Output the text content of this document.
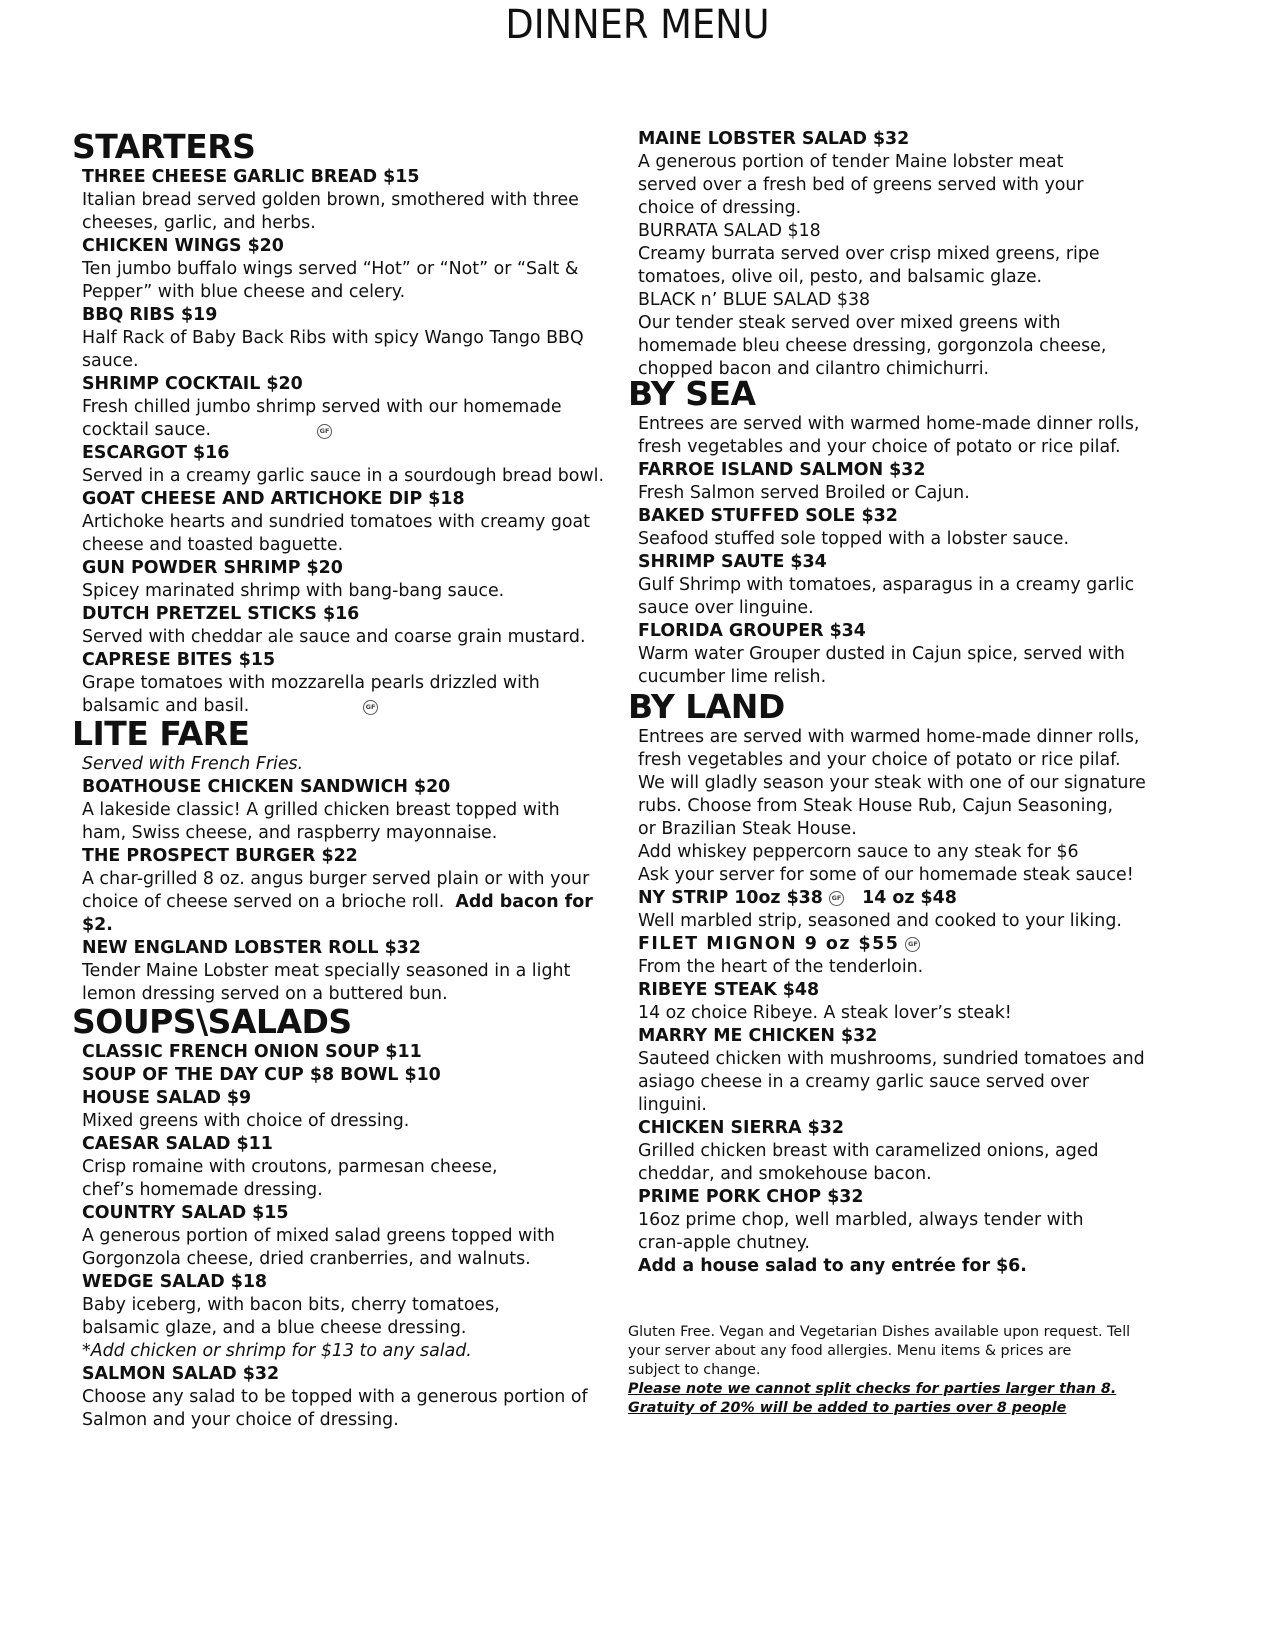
DINNER MENU
STARTERS
THREE CHEESE GARLIC BREAD $15
Italian bread served golden brown, smothered with three
cheeses, garlic, and herbs.
CHICKEN WINGS $20
Ten jumbo buffalo wings served “Hot” or “Not” or “Salt &
Pepper” with blue cheese and celery.
BBQ RIBS $19
Half Rack of Baby Back Ribs with spicy Wango Tango BBQ
sauce.
SHRIMP COCKTAIL $20
Fresh chilled jumbo shrimp served with our homemade
cocktail sauce.	GF
ESCARGOT $16
Served in a creamy garlic sauce in a sourdough bread bowl.
GOAT CHEESE AND ARTICHOKE DIP $18
Artichoke hearts and sundried tomatoes with creamy goat
cheese and toasted baguette.
GUN POWDER SHRIMP $20
Spicey marinated shrimp with bang-bang sauce.
DUTCH PRETZEL STICKS $16
Served with cheddar ale sauce and coarse grain mustard.
CAPRESE BITES $15
Grape tomatoes with mozzarella pearls drizzled with
balsamic and basil.	GF
LITE FARE
Served with French Fries.
BOATHOUSE CHICKEN SANDWICH $20
A lakeside classic! A grilled chicken breast topped with
ham, Swiss cheese, and raspberry mayonnaise.
THE PROSPECT BURGER $22
A char-grilled 8 oz. angus burger served plain or with your
choice of cheese served on a brioche roll. Add bacon for
$2.
NEW ENGLAND LOBSTER ROLL $32
Tender Maine Lobster meat specially seasoned in a light
lemon dressing served on a buttered bun.
SOUPS\SALADS
CLASSIC FRENCH ONION SOUP $11
SOUP OF THE DAY CUP $8 BOWL $10
HOUSE SALAD $9
Mixed greens with choice of dressing.
CAESAR SALAD $11
Crisp romaine with croutons, parmesan cheese,
chef’s homemade dressing.
COUNTRY SALAD $15
A generous portion of mixed salad greens topped with
Gorgonzola cheese, dried cranberries, and walnuts.
WEDGE SALAD $18
Baby iceberg, with bacon bits, cherry tomatoes,
balsamic glaze, and a blue cheese dressing.
*Add chicken or shrimp for $13 to any salad.
SALMON SALAD $32
Choose any salad to be topped with a generous portion of
Salmon and your choice of dressing.
MAINE LOBSTER SALAD $32
A generous portion of tender Maine lobster meat
served over a fresh bed of greens served with your
choice of dressing.
BURRATA SALAD $18
Creamy burrata served over crisp mixed greens, ripe
tomatoes, olive oil, pesto, and balsamic glaze.
BLACK n’ BLUE SALAD $38
Our tender steak served over mixed greens with
homemade bleu cheese dressing, gorgonzola cheese,
chopped bacon and cilantro chimichurri.
BY SEA
Entrees are served with warmed home-made dinner rolls,
fresh vegetables and your choice of potato or rice pilaf.
FARROE ISLAND SALMON $32
Fresh Salmon served Broiled or Cajun.
BAKED STUFFED SOLE $32
Seafood stuffed sole topped with a lobster sauce.
SHRIMP SAUTE $34
Gulf Shrimp with tomatoes, asparagus in a creamy garlic
sauce over linguine.
FLORIDA GROUPER $34
Warm water Grouper dusted in Cajun spice, served with
cucumber lime relish.
BY LAND
Entrees are served with warmed home-made dinner rolls,
fresh vegetables and your choice of potato or rice pilaf.
We will gladly season your steak with one of our signature
rubs. Choose from Steak House Rub, Cajun Seasoning,
or Brazilian Steak House.
Add whiskey peppercorn sauce to any steak for $6
Ask your server for some of our homemade steak sauce!
NY STRIP 10oz $38 GF 14 oz $48
Well marbled strip, seasoned and cooked to your liking.
FILET MIGNON 9 oz $55 GF
From the heart of the tenderloin.
RIBEYE STEAK $48
14 oz choice Ribeye. A steak lover’s steak!
MARRY ME CHICKEN $32
Sauteed chicken with mushrooms, sundried tomatoes and
asiago cheese in a creamy garlic sauce served over
linguini.
CHICKEN SIERRA $32
Grilled chicken breast with caramelized onions, aged
cheddar, and smokehouse bacon.
PRIME PORK CHOP $32
16oz prime chop, well marbled, always tender with
cran-apple chutney.
Add a house salad to any entrée for $6.
Gluten Free. Vegan and Vegetarian Dishes available upon request. Tell
your server about any food allergies. Menu items & prices are
subject to change.
Please note we cannot split checks for parties larger than 8.
Gratuity of 20% will be added to parties over 8 people
